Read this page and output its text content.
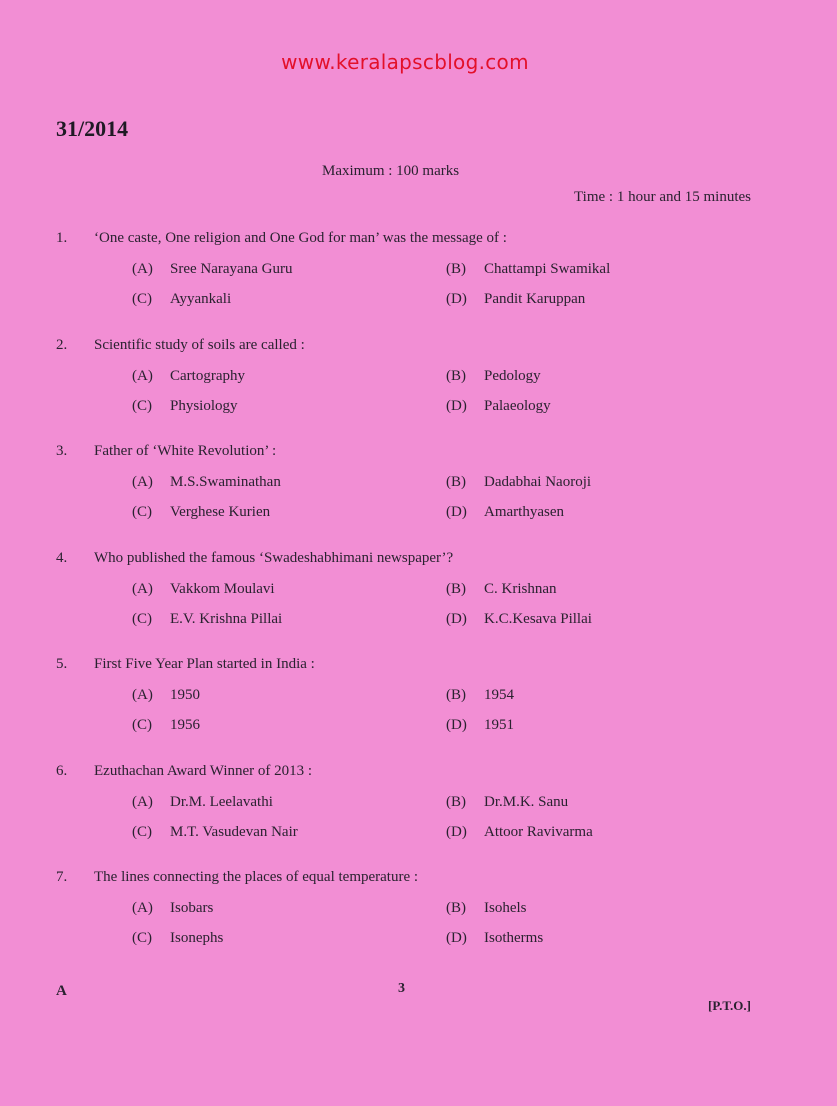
www.keralapscblog.com
31/2014
Maximum : 100 marks
Time : 1 hour and 15 minutes
1.	‘One caste, One religion and One God for man’ was the message of :
(A) Sree Narayana Guru	(B) Chattampi Swamikal
(C) Ayyankali	(D) Pandit Karuppan
2.	Scientific study of soils are called :
(A) Cartography	(B) Pedology
(C) Physiology	(D) Palaeology
3.	Father of ‘White Revolution’ :
(A) M.S.Swaminathan	(B) Dadabhai Naoroji
(C) Verghese Kurien	(D) Amarthyasen
4.	Who published the famous ‘Swadeshabhimani newspaper’?
(A) Vakkom Moulavi	(B) C. Krishnan
(C) E.V. Krishna Pillai	(D) K.C.Kesava Pillai
5.	First Five Year Plan started in India :
(A) 1950	(B) 1954
(C) 1956	(D) 1951
6.	Ezuthachan Award Winner of 2013 :
(A) Dr.M. Leelavathi	(B) Dr.M.K. Sanu
(C) M.T. Vasudevan Nair	(D) Attoor Ravivarma
7.	The lines connecting the places of equal temperature :
(A) Isobars	(B) Isohels
(C) Isonephs	(D) Isotherms
A	3
[P.T.O.]
